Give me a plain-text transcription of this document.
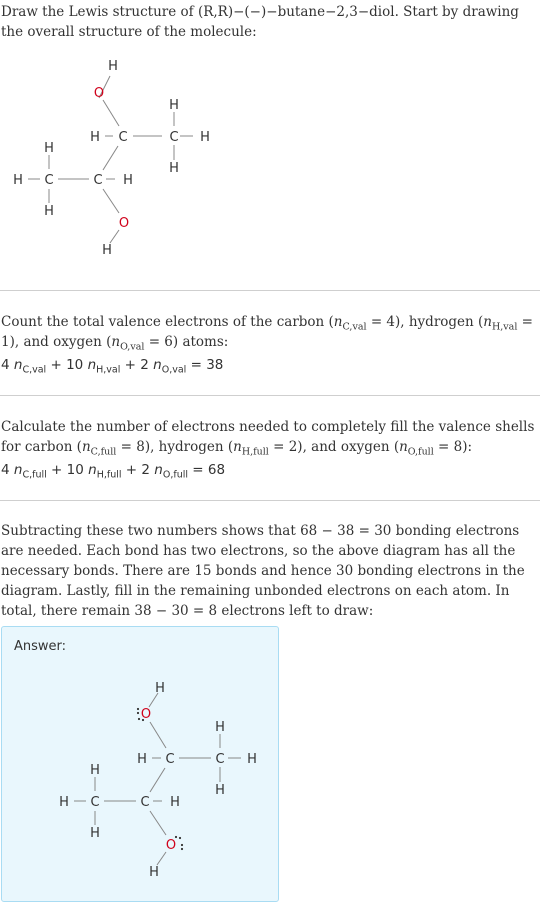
Draw the Lewis structure of (R,R)−(−)−butane−2,3−diol. Start by drawing the overall structure of the molecule:
H
O
H C
H
C H
H
H
H C
H
C H
O
H
Count the total valence electrons of the carbon $(n_{C,val} = 4)$, hydrogen $(n_{H,val} = 1)$, and oxygen $(n_{O,val} = 6)$ atoms:
4 $n_{C,val} + 10$ $n_{H,val} + 2$ $n_{O,val} = 38$
Calculate the number of electrons needed to completely fill the valence shells for carbon $(n_{C,full} = 8)$, hydrogen $(n_{H,full} = 2)$, and oxygen $(n_{O,full} = 8)$:
4 $n_{C,full} + 10$ $n_{H,full} + 2$ $n_{O,full} = 68$
Subtracting these two numbers shows that 68 − 38 = 30 bonding electrons are needed. Each bond has two electrons, so the above diagram has all the necessary bonds. There are 15 bonds and hence 30 bonding electrons in the diagram. Lastly, fill in the remaining unbonded electrons on each atom. In total, there remain 38 − 30 = 8 electrons left to draw:
Answer:
H
O
H C
H
C H
H
H
H C
H
C H
O
H
